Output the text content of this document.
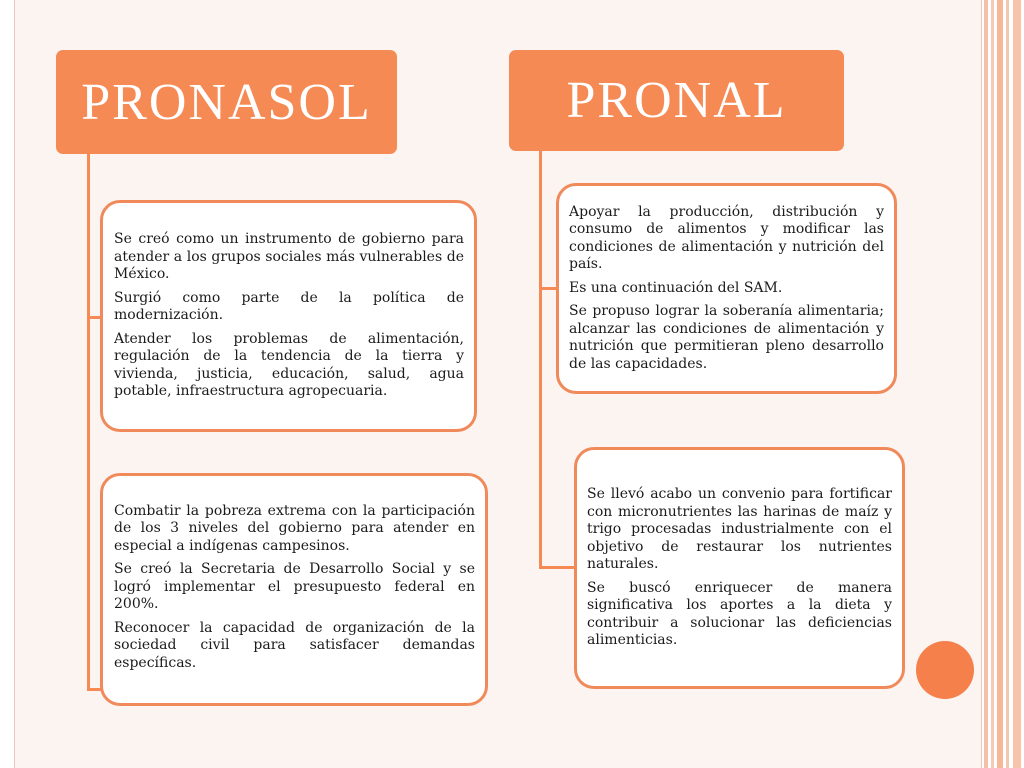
PRONASOL

Se creó como un instrumento de gobierno para atender a los grupos sociales más vulnerables de México.

Surgió como parte de la política de modernización.

Atender los problemas de alimentación, regulación de la tendencia de la tierra y vivienda, justicia, educación, salud, agua potable, infraestructura agropecuaria.

Combatir la pobreza extrema con la participación de los 3 niveles del gobierno para atender en especial a indígenas campesinos.

Se creó la Secretaria de Desarrollo Social y se logró implementar el presupuesto federal en 200%.

Reconocer la capacidad de organización de la sociedad civil para satisfacer demandas específicas.

PRONAL

Apoyar la producción, distribución y consumo de alimentos y modificar las condiciones de alimentación y nutrición del país.

Es una continuación del SAM.

Se propuso lograr la soberanía alimentaria; alcanzar las condiciones de alimentación y nutrición que permitieran pleno desarrollo de las capacidades.

Se llevó acabo un convenio para fortificar con micronutrientes las harinas de maíz y trigo procesadas industrialmente con el objetivo de restaurar los nutrientes naturales.

Se buscó enriquecer de manera significativa los aportes a la dieta y contribuir a solucionar las deficiencias alimenticias.
